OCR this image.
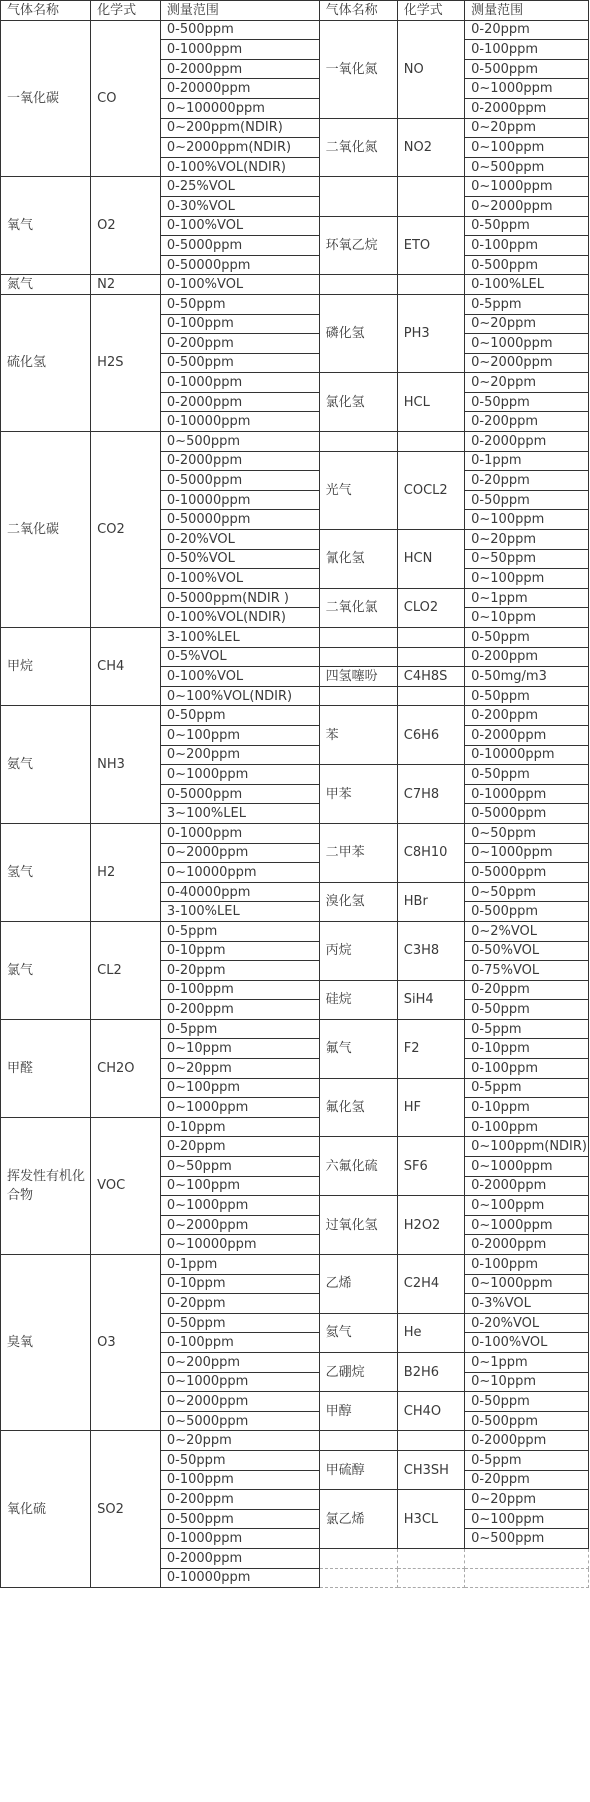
气体名称	化学式	测量范围	气体名称	化学式	测量范围
一氧化碳	CO	0-500ppm	一氧化氮	NO	0-20ppm
		0-1000ppm			0-100ppm
		0-2000ppm			0-500ppm
		0-20000ppm			0~1000ppm
		0~100000ppm			0-2000ppm
		0~200ppm(NDIR)	二氧化氮	NO2	0~20ppm
		0~2000ppm(NDIR)			0~100ppm
		0-100%VOL(NDIR)			0~500ppm
氧气	O2	0-25%VOL			0~1000ppm
		0-30%VOL			0~2000ppm
		0-100%VOL	环氧乙烷	ETO	0-50ppm
		0-5000ppm			0-100ppm
		0-50000ppm			0-500ppm
氮气	N2	0-100%VOL			0-100%LEL
硫化氢	H2S	0-50ppm	磷化氢	PH3	0-5ppm
		0-100ppm			0~20ppm
		0-200ppm			0~1000ppm
		0-500ppm			0~2000ppm
		0-1000ppm	氯化氢	HCL	0~20ppm
		0-2000ppm			0-50ppm
		0-10000ppm			0-200ppm
二氧化碳	CO2	0~500ppm			0-2000ppm
		0-2000ppm	光气	COCL2	0-1ppm
		0-5000ppm			0-20ppm
		0-10000ppm			0-50ppm
		0-50000ppm			0~100ppm
		0-20%VOL	氰化氢	HCN	0~20ppm
		0-50%VOL			0~50ppm
		0-100%VOL			0~100ppm
		0-5000ppm(NDIR )	二氧化氯	CLO2	0~1ppm
		0-100%VOL(NDIR)			0~10ppm
甲烷	CH4	3-100%LEL			0-50ppm
		0-5%VOL			0-200ppm
		0-100%VOL	四氢噻吩	C4H8S	0-50mg/m3
		0~100%VOL(NDIR)			0-50ppm
氨气	NH3	0-50ppm	苯	C6H6	0-200ppm
		0~100ppm			0-2000ppm
		0~200ppm			0-10000ppm
		0~1000ppm	甲苯	C7H8	0-50ppm
		0-5000ppm			0-1000ppm
		3~100%LEL			0-5000ppm
氢气	H2	0-1000ppm	二甲苯	C8H10	0~50ppm
		0~2000ppm			0~1000ppm
		0~10000ppm			0-5000ppm
		0-40000ppm	溴化氢	HBr	0~50ppm
		3-100%LEL			0-500ppm
氯气	CL2	0-5ppm	丙烷	C3H8	0~2%VOL
		0-10ppm			0-50%VOL
		0-20ppm			0-75%VOL
		0-100ppm	硅烷	SiH4	0-20ppm
		0-200ppm			0-50ppm
甲醛	CH2O	0-5ppm	氟气	F2	0-5ppm
		0~10ppm			0-10ppm
		0~20ppm			0-100ppm
		0~100ppm	氟化氢	HF	0-5ppm
		0~1000ppm			0-10ppm
挥发性有机化合物	VOC	0-10ppm			0-100ppm
		0-20ppm	六氟化硫	SF6	0~100ppm(NDIR)
		0~50ppm			0~1000ppm
		0~100ppm			0-2000ppm
		0~1000ppm	过氧化氢	H2O2	0~100ppm
		0~2000ppm			0~1000ppm
		0~10000ppm			0-2000ppm
臭氧	O3	0-1ppm	乙烯	C2H4	0-100ppm
		0-10ppm			0~1000ppm
		0-20ppm			0-3%VOL
		0-50ppm	氦气	He	0-20%VOL
		0-100ppm			0-100%VOL
		0~200ppm	乙硼烷	B2H6	0~1ppm
		0~1000ppm			0~10ppm
		0~2000ppm	甲醇	CH4O	0-50ppm
		0~5000ppm			0-500ppm
氧化硫	SO2	0~20ppm			0-2000ppm
		0-50ppm	甲硫醇	CH3SH	0-5ppm
		0-100ppm			0-20ppm
		0-200ppm	氯乙烯	H3CL	0~20ppm
		0-500ppm			0~100ppm
		0-1000ppm			0~500ppm
		0-2000ppm			
		0-10000ppm			
